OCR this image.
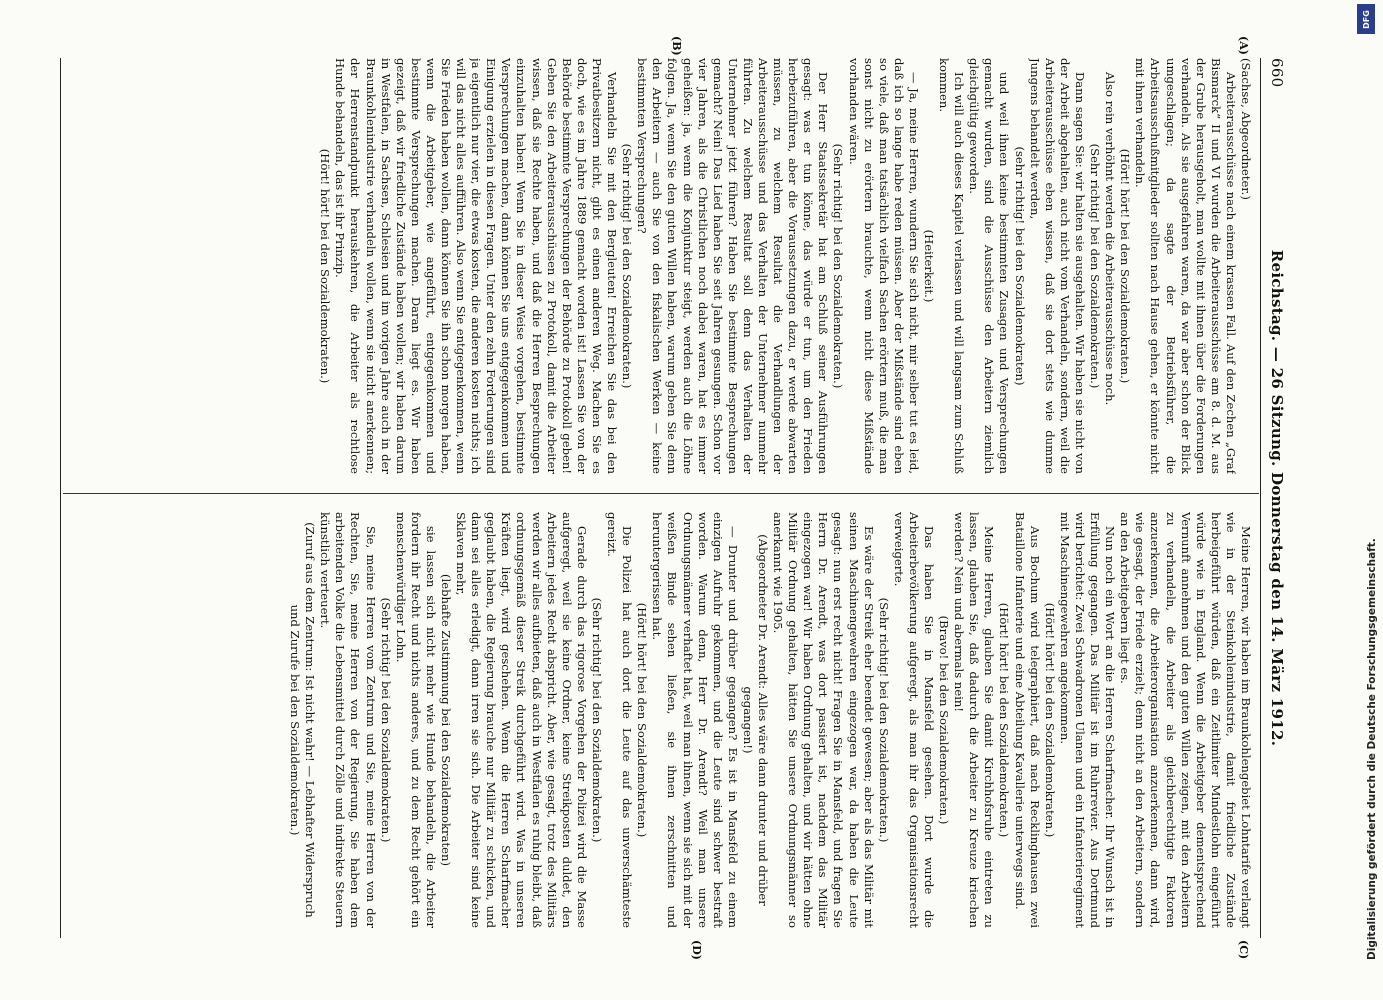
660
Reichstag. — 26 Sitzung. Donnerstag den 14. März 1912.
(A)
(B)
(C)
(D)

(Sachse, Abgeordneter.)

Arbeiterausschüsse nach einem krassen Fall. Auf den Zechen „Graf Bismarck“ II und VI wurden die Arbeiterausschüsse am 8. d. M. aus der Grube herausgeholt, man wollte mit ihnen über die Forderungen verhandeln. Als sie ausgefahren waren, da war aber schon der Blick umgeschlagen; da sagte der Betriebsführer, die Arbeitsausschußmitglieder sollten nach Hause gehen, er könnte nicht mit ihnen verhandeln.

(Hört! hört! bei den Sozialdemokraten.)

Also rein verhöhnt werden die Arbeiterausschüsse noch.

(Sehr richtig! bei den Sozialdemokraten.)

Dann sagen Sie: wir halten sie ausgehalten. Wir haben sie nicht von der Arbeit abgehalten, auch nicht vom Verhandeln, sondern, weil die Arbeiterausschüsse eben wissen, daß sie dort stets wie dumme Jungens behandelt werden,

(sehr richtig! bei den Sozialdemokraten)

und weil ihnen keine bestimmten Zusagen und Versprechungen gemacht wurden, sind die Ausschüsse den Arbeitern ziemlich gleichgültig geworden.

Ich will auch dieses Kapitel verlassen und will langsam zum Schluß kommen.

(Heiterkeit.)

— Ja, meine Herren, wundern Sie sich nicht, mir selber tut es leid, daß ich so lange habe reden müssen. Aber der Mißstände sind eben so viele, daß man tatsächlich vielfach Sachen erörtern muß, die man sonst nicht zu erörtern brauchte, wenn nicht diese Mißstände vorhanden wären.

(Sehr richtig! bei den Sozialdemokraten.)

Der Herr Staatssekretär hat am Schluß seiner Ausführungen gesagt: was er tun könne, das würde er tun, um den Frieden herbeizuführen, aber die Voraussetzungen dazu, er werde abwarten müssen, zu welchem Resultat die Verhandlungen der Arbeiterausschüsse und das Verhalten der Unternehmer nunmehr führten. Zu welchem Resultat soll denn das Verhalten der Unternehmer jetzt führen? Haben Sie bestimmte Besprechungen gemacht? Nein! Das Lied haben Sie seit Jahren gesungen. Schon vor vier Jahren, als die Christlichen noch dabei waren, hat es immer geheißen: ja, wenn die Konjunktur steigt, werden auch die Löhne folgen. Ja, wenn Sie den guten Willen haben, warum geben Sie denn den Arbeitern — auch Sie von den fiskalischen Werken — keine bestimmten Versprechungen?

(Sehr richtig! bei den Sozialdemokraten.)

Verhandeln Sie mit den Bergleuten! Erreichen Sie das bei den Privatbesitzern nicht, gibt es einen anderen Weg. Machen Sie es doch, wie es im Jahre 1889 gemacht worden ist! Lassen Sie von der Behörde bestimmte Versprechungen der Behörde zu Protokoll geben! Geben Sie den Arbeiterausschüssen zu Protokoll, damit die Arbeiter wissen, daß sie Rechte haben, und daß die Herren Besprechungen einzuhalten haben! Wenn Sie in dieser Weise vorgehen, bestimmte Versprechungen machen, dann können Sie uns entgegenkommen und Einigung erzielen in diesen Fragen. Unter den zehn Forderungen sind ja eigentlich nur vier, die etwas kosten, die anderen kosten nichts; ich will das nicht alles aufführen. Also wenn Sie entgegenkommen, wenn Sie Frieden haben wollen, dann können Sie ihn schon morgen haben, wenn die Arbeitgeber, wie angeführt, entgegenkommen und bestimmte Versprechungen machen. Daran liegt es. Wir haben gezeigt, daß wir friedliche Zustände haben wollen; wir haben darum in Westfalen, in Sachsen, Schlesien und im vorigen Jahre auch in der Braunkohlenindustrie verhandeln wollen, wenn sie nicht anerkennen; der Herrenstandpunkt herauskehren, die Arbeiter als rechtlose Hunde behandeln, das ist ihr Prinzip.

(Hört! hört! bei den Sozialdemokraten.)

Meine Herren, wir haben im Braunkohlengebiet Lohntarife verlangt wie in der Steinkohlenindustrie, damit friedliche Zustände herbeigeführt würden, daß ein Zeitlimiter Mindestlohn eingeführt würde wie in England. Wenn die Arbeitgeber dementsprechend Vernunft annehmen und den guten Willen zeigen, mit den Arbeitern zu verhandeln, die Arbeiter als gleichberechtigte Faktoren anzuerkennen, die Arbeiterorganisation anzuerkennen, dann wird, wie gesagt, der Friede erzielt; denn nicht an den Arbeitern, sondern an den Arbeitgebern liegt es.

Nun noch ein Wort an die Herren Scharfmacher. Ihr Wunsch ist in Erfüllung gegangen. Das Militär ist im Ruhrrevier. Aus Dortmund wird berichtet: Zwei Schwadronen Ulanen und ein Infanterieregiment mit Maschinengewehren angekommen.

(Hört! hört! bei den Sozialdemokraten.)

Aus Bochum wird telegraphiert, daß nach Recklinghausen zwei Bataillone Infanterie und eine Abteilung Kavallerie unterwegs sind.

(Hört! hört! bei den Sozialdemokraten.)

Meine Herren, glauben Sie damit Kirchhofsruhe eintreten zu lassen, glauben Sie, daß dadurch die Arbeiter zu Kreuze kriechen werden? Nein und abermals nein!

(Bravo! bei den Sozialdemokraten.)

Das haben Sie in Mansfeld gesehen. Dort wurde die Arbeiterbevölkerung aufgeregt, als man ihr das Organisationsrecht verweigerte.

(Sehr richtig! bei den Sozialdemokraten.)

Es wäre der Streik eher beendet gewesen; aber als das Militär mit seinen Maschinengewehren eingezogen war, da haben die Leute gesagt: nun erst recht nicht! Fragen Sie in Mansfeld, und fragen Sie Herrn Dr. Arendt, was dort passiert ist, nachdem das Militär eingezogen war! Wir haben Ordnung gehalten, und wir hätten ohne Militär Ordnung gehalten, hätten Sie unsere Ordnungsmänner so anerkannt wie 1905.

(Abgeordneter Dr. Arendt: Alles wäre dann drunter und drüber gegangen!)

— Drunter und drüber gegangen? Es ist in Mansfeld zu einem einzigen Aufruhr gekommen, und die Leute sind schwer bestraft worden. Warum denn, Herr Dr. Arendt? Weil man unsere Ordnungsmänner verhaftet hat, weil man ihnen, wenn sie sich mit der weißen Binde sehen ließen, sie ihnen zerschnitten und heruntergerissen hat.

(Hört! hört! bei den Sozialdemokraten.)

Die Polizei hat auch dort die Leute auf das unverschämteste gereizt.

(Sehr richtig! bei den Sozialdemokraten.)

Gerade durch das rigorose Vorgehen der Polizei wird die Masse aufgeregt, weil sie keine Ordner, keine Streikposten duldet, den Arbeitern jedes Recht abspricht. Aber, wie gesagt, trotz des Militärs werden wir alles aufbieten, daß auch in Westfalen es ruhig bleibt, daß ordnungsgemäß dieser Streik durchgeführt wird. Was in unseren Kräften liegt, wird geschehen. Wenn die Herren Scharfmacher geglaubt haben, die Regierung brauche nur Militär zu schicken, und dann sei alles erledigt, dann irren sie sich. Die Arbeiter sind keine Sklaven mehr,

(lebhafte Zustimmung bei den Sozialdemokraten)

sie lassen sich nicht mehr wie Hunde behandeln, die Arbeiter fordern ihr Recht und nichts anderes, und zu dem Recht gehört ein menschenwürdiger Lohn.

(Sehr richtig! bei den Sozialdemokraten.)

Sie, meine Herren vom Zentrum und Sie, meine Herren von der Rechten, Sie, meine Herren von der Regierung, Sie haben dem arbeitenden Volke die Lebensmittel durch Zölle und indirekte Steuern künstlich verteuert.

(Zuruf aus dem Zentrum: Ist nicht wahr! — Lebhafter Widerspruch und Zurufe bei den Sozialdemokraten.)

DFG
Digitalisierung gefördert durch die Deutsche Forschungsgemeinschaft.
